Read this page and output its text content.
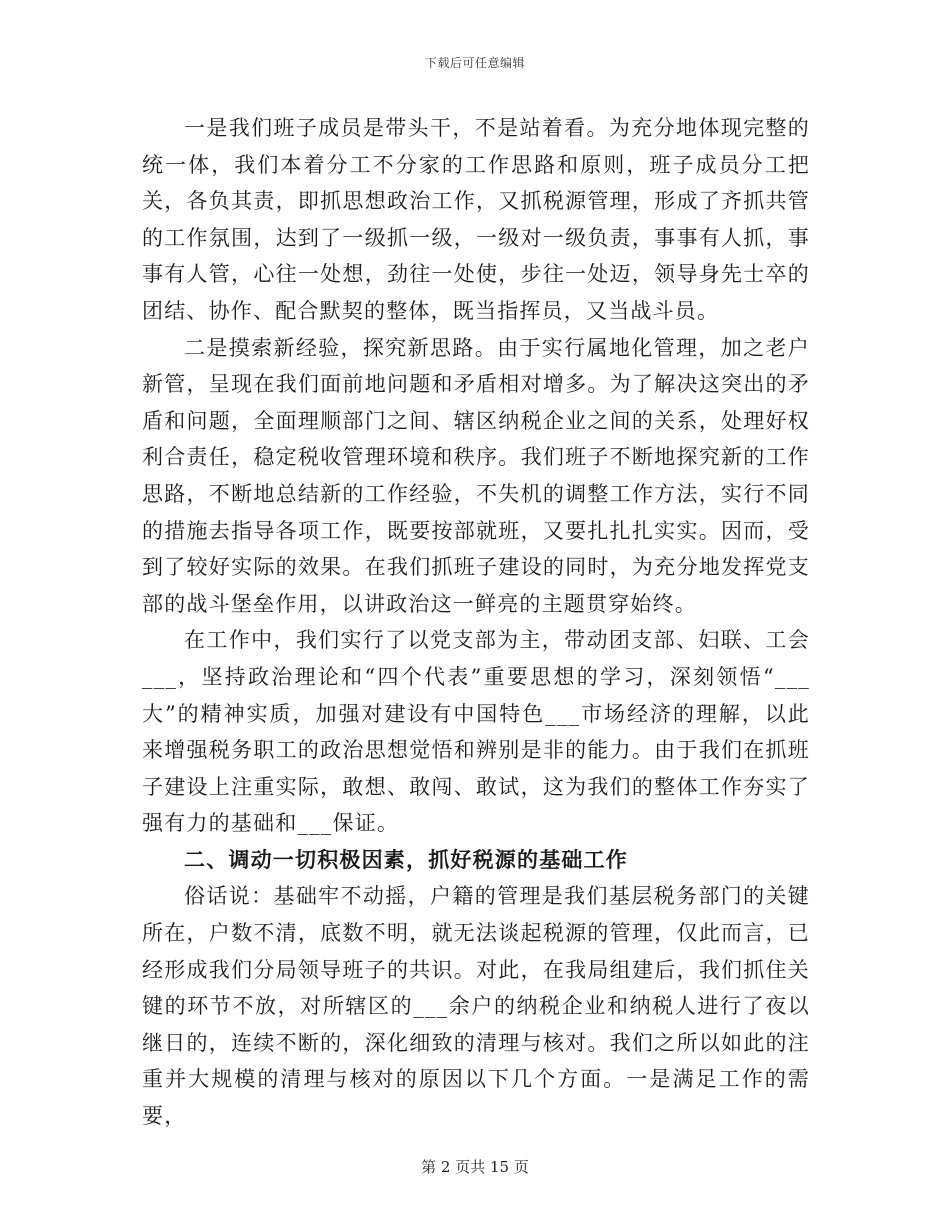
下载后可任意编辑

一是我们班子成员是带头干，不是站着看。为充分地体现完整的统一体，我们本着分工不分家的工作思路和原则，班子成员分工把关，各负其责，即抓思想政治工作，又抓税源管理，形成了齐抓共管的工作氛围，达到了一级抓一级，一级对一级负责，事事有人抓，事事有人管，心往一处想，劲往一处使，步往一处迈，领导身先士卒的团结、协作、配合默契的整体，既当指挥员，又当战斗员。

二是摸索新经验，探究新思路。由于实行属地化管理，加之老户新管，呈现在我们面前地问题和矛盾相对增多。为了解决这突出的矛盾和问题，全面理顺部门之间、辖区纳税企业之间的关系，处理好权利合责任，稳定税收管理环境和秩序。我们班子不断地探究新的工作思路，不断地总结新的工作经验，不失机的调整工作方法，实行不同的措施去指导各项工作，既要按部就班，又要扎扎扎实实。因而，受到了较好实际的效果。在我们抓班子建设的同时，为充分地发挥党支部的战斗堡垒作用，以讲政治这一鲜亮的主题贯穿始终。

在工作中，我们实行了以党支部为主，带动团支部、妇联、工会___，坚持政治理论和“四个代表”重要思想的学习，深刻领悟“___大”的精神实质，加强对建设有中国特色___市场经济的理解，以此来增强税务职工的政治思想觉悟和辨别是非的能力。由于我们在抓班子建设上注重实际，敢想、敢闯、敢试，这为我们的整体工作夯实了强有力的基础和___保证。

二、调动一切积极因素，抓好税源的基础工作

俗话说：基础牢不动摇，户籍的管理是我们基层税务部门的关键所在，户数不清，底数不明，就无法谈起税源的管理，仅此而言，已经形成我们分局领导班子的共识。对此，在我局组建后，我们抓住关键的环节不放，对所辖区的___余户的纳税企业和纳税人进行了夜以继日的，连续不断的，深化细致的清理与核对。我们之所以如此的注重并大规模的清理与核对的原因以下几个方面。一是满足工作的需要，

第 2 页共 15 页
